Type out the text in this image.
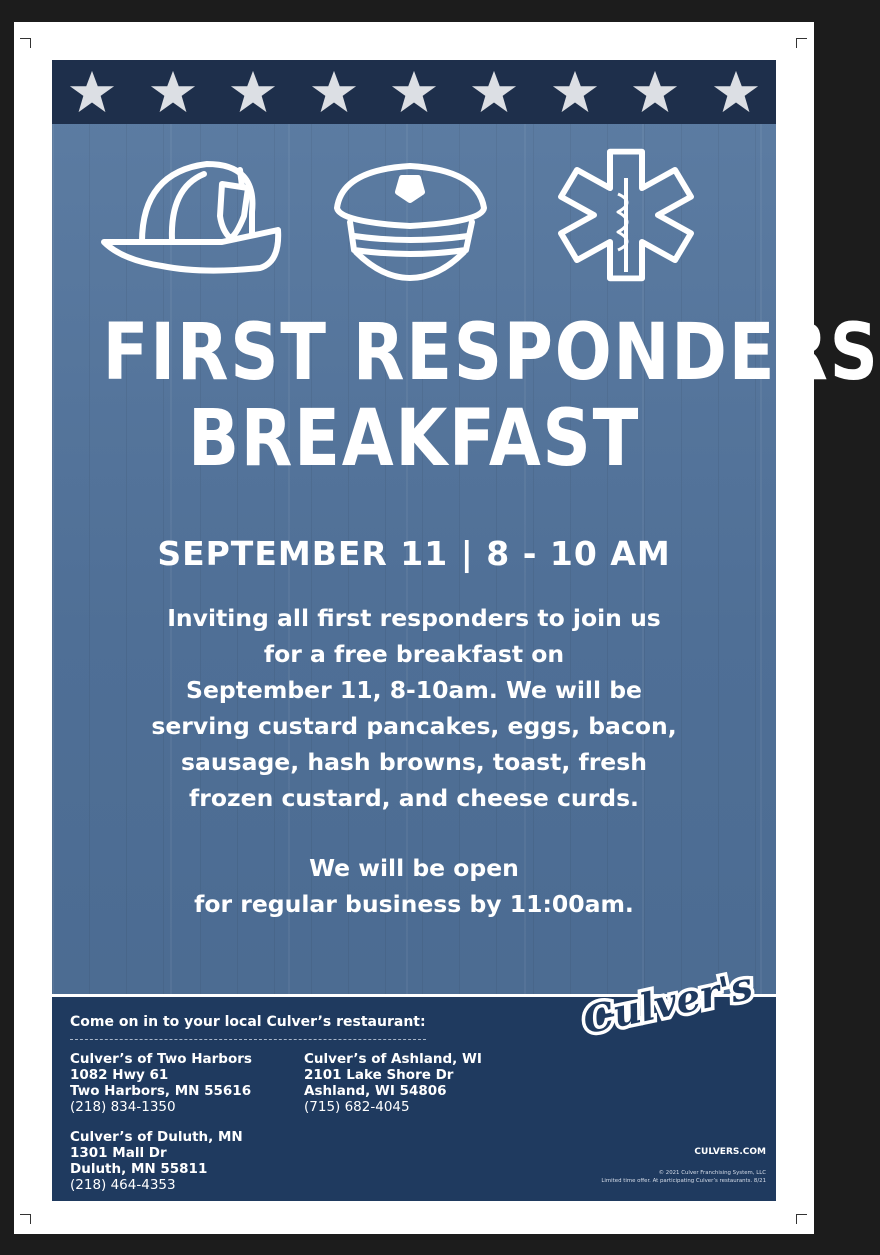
FIRST RESPONDERS
BREAKFAST
SEPTEMBER 11 | 8 - 10 AM
Inviting all first responders to join us
for a free breakfast on
September 11, 8-10am. We will be
serving custard pancakes, eggs, bacon,
sausage, hash browns, toast, fresh
frozen custard, and cheese curds.
We will be open
for regular business by 11:00am.
Come on in to your local Culver’s restaurant:
Culver’s of Two Harbors
1082 Hwy 61
Two Harbors, MN 55616
(218) 834-1350
Culver’s of Ashland, WI
2101 Lake Shore Dr
Ashland, WI 54806
(715) 682-4045
Culver’s of Duluth, MN
1301 Mall Dr
Duluth, MN 55811
(218) 464-4353
CULVERS.COM
© 2021 Culver Franchising System, LLC
Limited time offer. At participating Culver’s restaurants. 8/21
Culver's
